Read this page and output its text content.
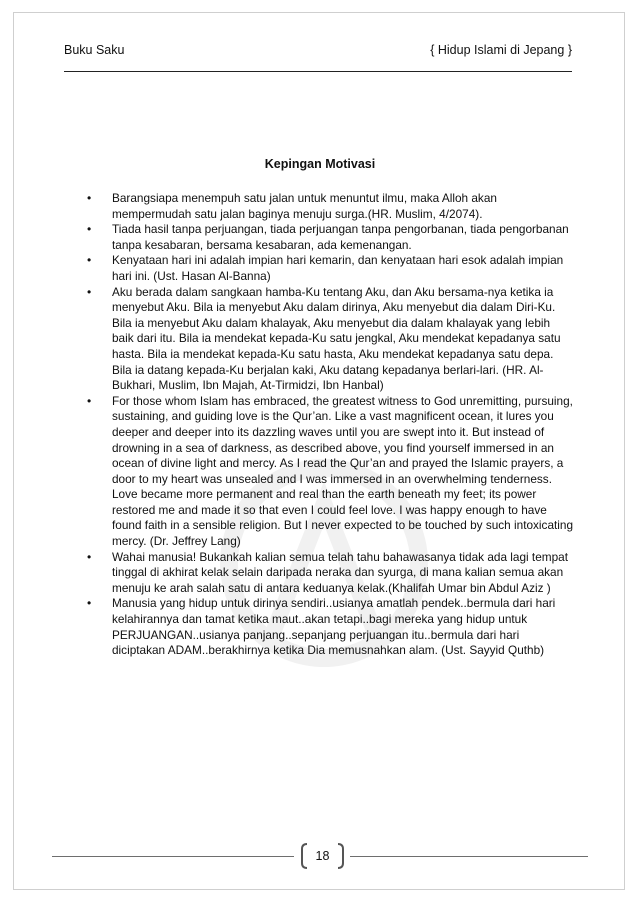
Buku Saku	{ Hidup Islami di Jepang }
Kepingan Motivasi
• Barangsiapa menempuh satu jalan untuk menuntut ilmu, maka Alloh akan mempermudah satu jalan baginya menuju surga.(HR. Muslim, 4/2074).
• Tiada hasil tanpa perjuangan, tiada perjuangan tanpa pengorbanan, tiada pengorbanan tanpa kesabaran, bersama kesabaran, ada kemenangan.
• Kenyataan hari ini adalah impian hari kemarin, dan kenyataan hari esok adalah impian hari ini. (Ust. Hasan Al-Banna)
• Aku berada dalam sangkaan hamba-Ku tentang Aku, dan Aku bersama-nya ketika ia menyebut Aku. Bila ia menyebut Aku dalam dirinya, Aku menyebut dia dalam Diri-Ku. Bila ia menyebut Aku dalam khalayak, Aku menyebut dia dalam khalayak yang lebih baik dari itu. Bila ia mendekat kepada-Ku satu jengkal, Aku mendekat kepadanya satu hasta. Bila ia mendekat kepada-Ku satu hasta, Aku mendekat kepadanya satu depa. Bila ia datang kepada-Ku berjalan kaki, Aku datang kepadanya berlari-lari. (HR. Al-Bukhari, Muslim, Ibn Majah, At-Tirmidzi, Ibn Hanbal)
• For those whom Islam has embraced, the greatest witness to God unremitting, pursuing, sustaining, and guiding love is the Qur’an. Like a vast magnificent ocean, it lures you deeper and deeper into its dazzling waves until you are swept into it. But instead of drowning in a sea of darkness, as described above, you find yourself immersed in an ocean of divine light and mercy. As I read the Qur’an and prayed the Islamic prayers, a door to my heart was unsealed and I was immersed in an overwhelming tenderness. Love became more permanent and real than the earth beneath my feet; its power restored me and made it so that even I could feel love. I was happy enough to have found faith in a sensible religion. But I never expected to be touched by such intoxicating mercy. (Dr. Jeffrey Lang)
• Wahai manusia! Bukankah kalian semua telah tahu bahawasanya tidak ada lagi tempat tinggal di akhirat kelak selain daripada neraka dan syurga, di mana kalian semua akan menuju ke arah salah satu di antara keduanya kelak.(Khalifah Umar bin Abdul Aziz )
• Manusia yang hidup untuk dirinya sendiri..usianya amatlah pendek..bermula dari hari kelahirannya dan tamat ketika maut..akan tetapi..bagi mereka yang hidup untuk PERJUANGAN..usianya panjang..sepanjang perjuangan itu..bermula dari hari diciptakan ADAM..berakhirnya ketika Dia memusnahkan alam. (Ust. Sayyid Quthb)
18
